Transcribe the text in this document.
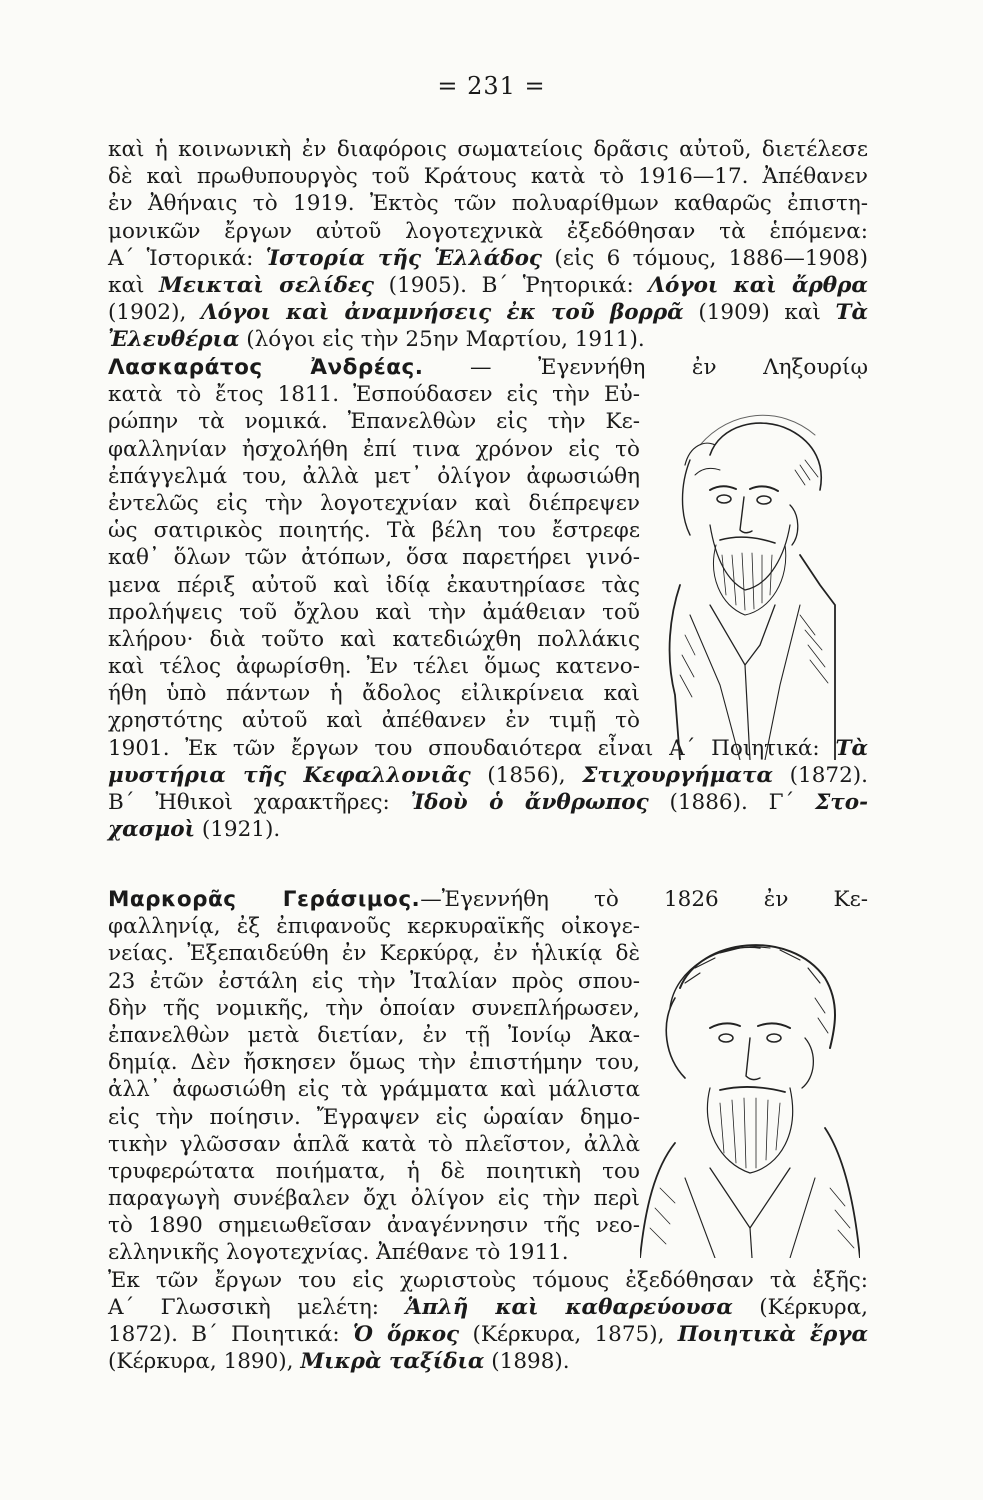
= 231 =
καὶ ἡ κοινωνικὴ ἐν διαφόροις σωματείοις δρᾶσις αὐτοῦ, διετέλεσε
δὲ καὶ πρωθυπουργὸς τοῦ Κράτους κατὰ τὸ 1916—17. Ἀπέθανεν
ἐν Ἀθήναις τὸ 1919. Ἐκτὸς τῶν πολυαρίθμων καθαρῶς ἐπιστη-
μονικῶν ἔργων αὐτοῦ λογοτεχνικὰ ἐξεδόθησαν τὰ ἑπόμενα:
Α΄ Ἱστορικά: Ἱστορία τῆς Ἑλλάδος (εἰς 6 τόμους, 1886—1908)
καὶ Μεικταὶ σελίδες (1905). Β΄ Ῥητορικά: Λόγοι καὶ ἄρθρα
(1902), Λόγοι καὶ ἀναμνήσεις ἐκ τοῦ βορρᾶ (1909) καὶ Τὰ
Ἐλευθέρια (λόγοι εἰς τὴν 25ην Μαρτίου, 1911).
Λασκαράτος Ἀνδρέας. — Ἐγεννήθη ἐν Ληξουρίῳ
κατὰ τὸ ἔτος 1811. Ἐσπούδασεν εἰς τὴν Εὐ-
ρώπην τὰ νομικά. Ἐπανελθὼν εἰς τὴν Κε-
φαλληνίαν ἠσχολήθη ἐπί τινα χρόνον εἰς τὸ
ἐπάγγελμά του, ἀλλὰ μετ᾽ ὀλίγον ἀφωσιώθη
ἐντελῶς εἰς τὴν λογοτεχνίαν καὶ διέπρεψεν
ὡς σατιρικὸς ποιητής. Τὰ βέλη του ἔστρεφε
καθ᾽ ὅλων τῶν ἀτόπων, ὅσα παρετήρει γινό-
μενα πέριξ αὐτοῦ καὶ ἰδίᾳ ἐκαυτηρίασε τὰς
προλήψεις τοῦ ὄχλου καὶ τὴν ἀμάθειαν τοῦ
κλήρου· διὰ τοῦτο καὶ κατεδιώχθη πολλάκις
καὶ τέλος ἀφωρίσθη. Ἐν τέλει ὅμως κατενο-
ήθη ὑπὸ πάντων ἡ ἄδολος εἰλικρίνεια καὶ
χρηστότης αὐτοῦ καὶ ἀπέθανεν ἐν τιμῇ τὸ
1901. Ἐκ τῶν ἔργων του σπουδαιότερα εἶναι Α΄ Ποιητικά: Τὰ
μυστήρια τῆς Κεφαλλονιᾶς (1856), Στιχουργήματα (1872).
Β΄ Ἠθικοὶ χαρακτῆρες: Ἰδοὺ ὁ ἄνθρωπος (1886). Γ΄ Στο-
χασμοὶ (1921).
Μαρκορᾶς Γεράσιμος.—Ἐγεννήθη τὸ 1826 ἐν Κε-
φαλληνίᾳ, ἐξ ἐπιφανοῦς κερκυραϊκῆς οἰκογε-
νείας. Ἐξεπαιδεύθη ἐν Κερκύρᾳ, ἐν ἡλικίᾳ δὲ
23 ἐτῶν ἐστάλη εἰς τὴν Ἰταλίαν πρὸς σπου-
δὴν τῆς νομικῆς, τὴν ὁποίαν συνεπλήρωσεν,
ἐπανελθὼν μετὰ διετίαν, ἐν τῇ Ἰονίῳ Ἀκα-
δημίᾳ. Δὲν ἤσκησεν ὅμως τὴν ἐπιστήμην του,
ἀλλ᾽ ἀφωσιώθη εἰς τὰ γράμματα καὶ μάλιστα
εἰς τὴν ποίησιν. Ἔγραψεν εἰς ὡραίαν δημο-
τικὴν γλῶσσαν ἁπλᾶ κατὰ τὸ πλεῖστον, ἀλλὰ
τρυφερώτατα ποιήματα, ἡ δὲ ποιητικὴ του
παραγωγὴ συνέβαλεν ὄχι ὀλίγον εἰς τὴν περὶ
τὸ 1890 σημειωθεῖσαν ἀναγέννησιν τῆς νεο-
ελληνικῆς λογοτεχνίας. Ἀπέθανε τὸ 1911.
Ἐκ τῶν ἔργων του εἰς χωριστοὺς τόμους ἐξεδόθησαν τὰ ἑξῆς:
Α΄ Γλωσσικὴ μελέτη: Ἁπλῆ καὶ καθαρεύουσα (Κέρκυρα,
1872). Β΄ Ποιητικά: Ὁ ὅρκος (Κέρκυρα, 1875), Ποιητικὰ ἔργα
(Κέρκυρα, 1890), Μικρὰ ταξίδια (1898).
